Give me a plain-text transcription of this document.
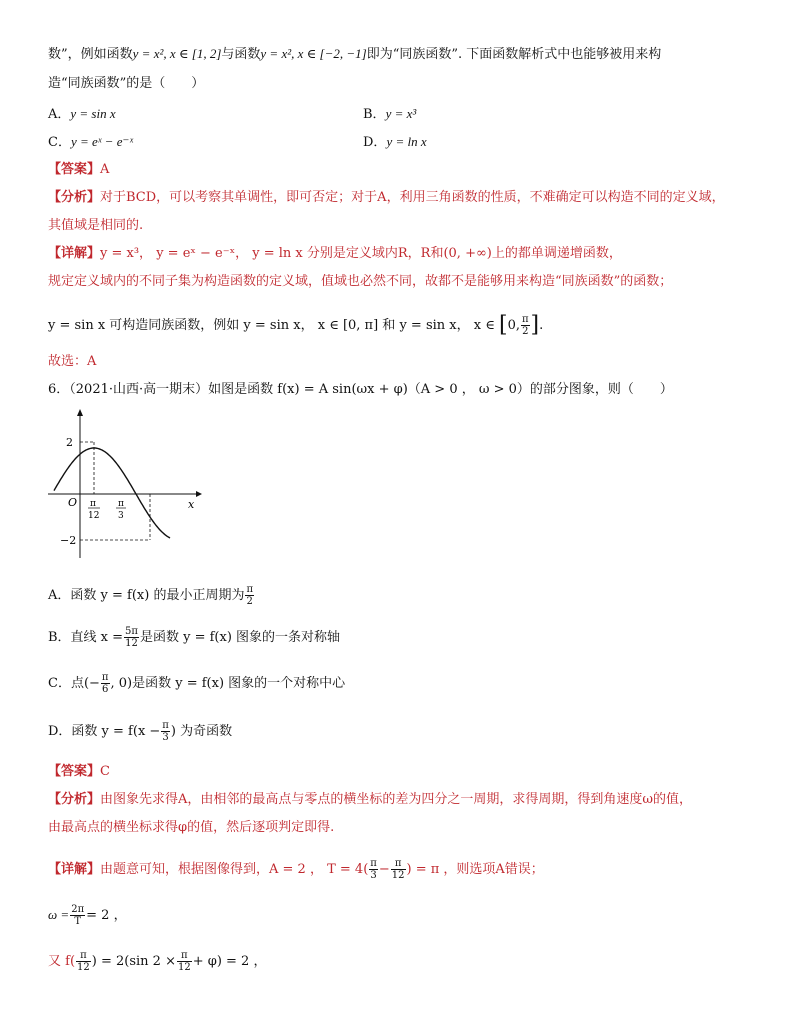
数”，例如函数y = x², x ∈ [1, 2]与函数y = x², x ∈ [−2, −1]即为“同族函数”. 下面函数解析式中也能够被用来构
造“同族函数”的是（　　）
A．y = sin x	B．y = x³
C．y = eˣ − e⁻ˣ	D．y = ln x
【答案】A
【分析】对于BCD，可以考察其单调性，即可否定；对于A，利用三角函数的性质，不难确定可以构造不同的定义域，
其值域是相同的.
【详解】y = x³， y = eˣ − e⁻ˣ， y = ln x 分别是定义域内R，R和(0, +∞)上的都单调递增函数，
规定定义域内的不同子集为构造函数的定义域，值域也必然不同，故都不是能够用来构造“同族函数”的函数；
y = sin x 可构造同族函数，例如 y = sin x， x ∈ [0, π] 和 y = sin x， x ∈ [0, $\frac{\pi}{2}$ ].
故选：A
6．（2021·山西·高一期末）如图是函数 f(x) = A sin(ωx + φ)（A > 0 ， ω > 0）的部分图象，则（　　）
2
−2
O	x
π
12
π
3
A．函数 y = f(x) 的最小正周期为 $\frac{\pi}{2}$
B．直线 $x = \frac{5\pi}{12}$ 是函数 y = f(x) 图象的一条对称轴
C．点(− $\frac{\pi}{6}$ , 0)是函数 y = f(x) 图象的一个对称中心
D．函数 $y = f(x - \frac{\pi}{3}$ ) 为奇函数
【答案】C
【分析】由图象先求得A，由相邻的最高点与零点的横坐标的差为四分之一周期，求得周期，得到角速度ω的值，
由最高点的横坐标求得φ的值，然后逐项判定即得.
【详解】由题意可知，根据图像得到，A = 2 ， $T = 4( \frac{\pi}{3} - \frac{\pi}{12}$ ) = π ，则选项A错误；
$\omega = \frac{2\pi}{T} = 2$ ，
又 $f( \frac{\pi}{12}$ ) = 2(sin $2 \times \frac{\pi}{12} + \varphi) = 2$ ，
